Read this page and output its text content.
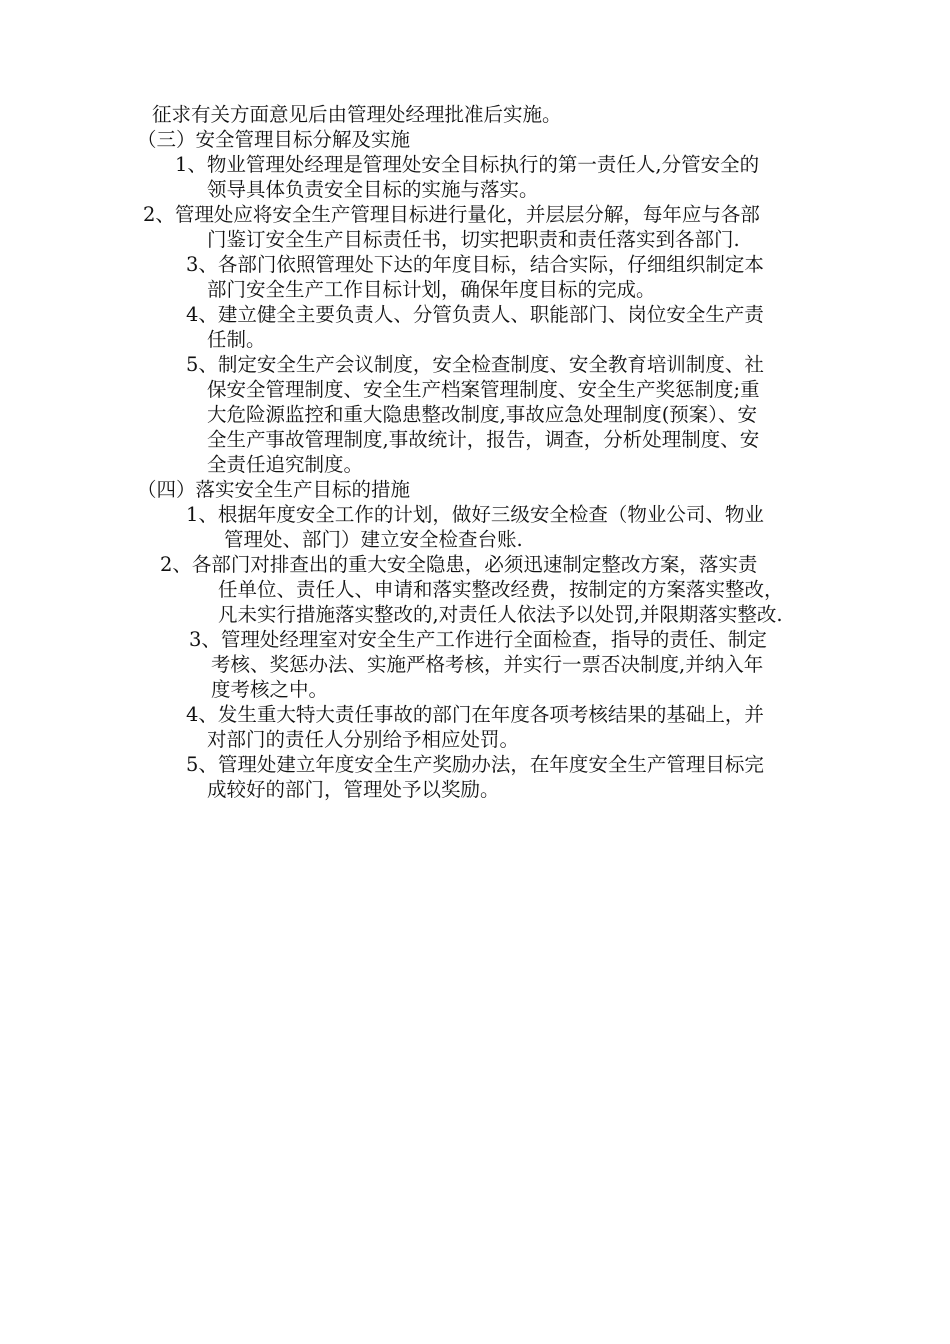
征求有关方面意见后由管理处经理批准后实施。
（三）安全管理目标分解及实施
1、物业管理处经理是管理处安全目标执行的第一责任人,分管安全的
领导具体负责安全目标的实施与落实。
2、管理处应将安全生产管理目标进行量化，并层层分解，每年应与各部
门鉴订安全生产目标责任书，切实把职责和责任落实到各部门.
3、各部门依照管理处下达的年度目标，结合实际，仔细组织制定本
部门安全生产工作目标计划，确保年度目标的完成。
4、建立健全主要负责人、分管负责人、职能部门、岗位安全生产责
任制。
5、制定安全生产会议制度，安全检查制度、安全教育培训制度、社
保安全管理制度、安全生产档案管理制度、安全生产奖惩制度;重
大危险源监控和重大隐患整改制度,事故应急处理制度(预案）、安
全生产事故管理制度,事故统计，报告，调查，分析处理制度、安
全责任追究制度。
（四）落实安全生产目标的措施
1、根据年度安全工作的计划，做好三级安全检查（物业公司、物业
管理处、部门）建立安全检查台账.
2、各部门对排查出的重大安全隐患，必须迅速制定整改方案，落实责
任单位、责任人、申请和落实整改经费，按制定的方案落实整改，
凡未实行措施落实整改的,对责任人依法予以处罚,并限期落实整改.
3、管理处经理室对安全生产工作进行全面检查，指导的责任、制定
考核、奖惩办法、实施严格考核，并实行一票否决制度,并纳入年
度考核之中。
4、发生重大特大责任事故的部门在年度各项考核结果的基础上，并
对部门的责任人分别给予相应处罚。
5、管理处建立年度安全生产奖励办法，在年度安全生产管理目标完
成较好的部门，管理处予以奖励。
